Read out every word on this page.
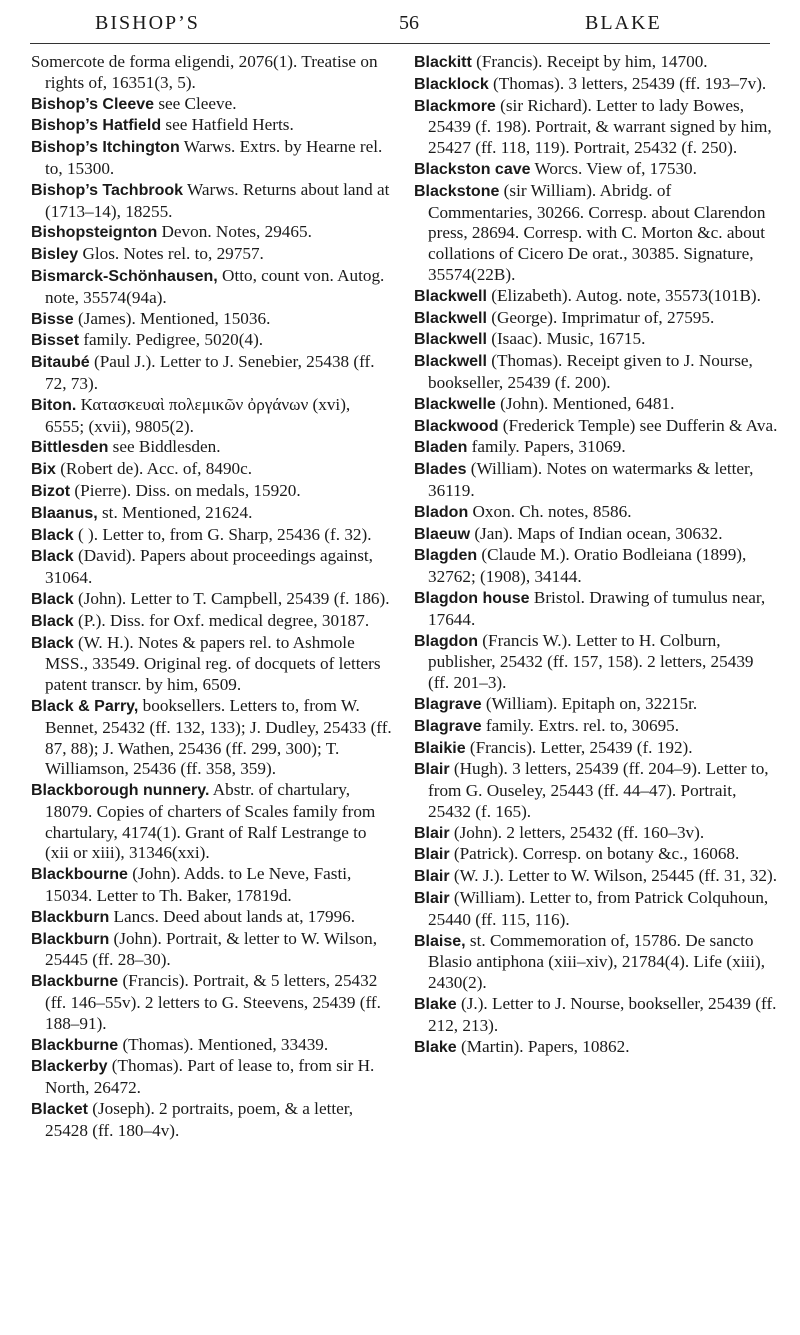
BISHOP’S	56	BLAKE

Somercote de forma eligendi, 2076(1). Treatise on rights of, 16351(3, 5).

Bishop’s Cleeve see Cleeve.

Bishop’s Hatfield see Hatfield Herts.

Bishop’s Itchington Warws. Extrs. by Hearne rel. to, 15300.

Bishop’s Tachbrook Warws. Returns about land at (1713–14), 18255.

Bishopsteignton Devon. Notes, 29465.

Bisley Glos. Notes rel. to, 29757.

Bismarck-Schönhausen, Otto, count von. Autog. note, 35574(94a).

Bisse (James). Mentioned, 15036.

Bisset family. Pedigree, 5020(4).

Bitaubé (Paul J.). Letter to J. Senebier, 25438 (ff. 72, 73).

Biton. Κατασκευαὶ πολεμικῶν ὀργάνων (xvi), 6555; (xvii), 9805(2).

Bittlesden see Biddlesden.

Bix (Robert de). Acc. of, 8490c.

Bizot (Pierre). Diss. on medals, 15920.

Blaanus, st. Mentioned, 21624.

Black ( ). Letter to, from G. Sharp, 25436 (f. 32).

Black (David). Papers about proceedings against, 31064.

Black (John). Letter to T. Campbell, 25439 (f. 186).

Black (P.). Diss. for Oxf. medical degree, 30187.

Black (W. H.). Notes & papers rel. to Ashmole MSS., 33549. Original reg. of docquets of letters patent transcr. by him, 6509.

Black & Parry, booksellers. Letters to, from W. Bennet, 25432 (ff. 132, 133); J. Dudley, 25433 (ff. 87, 88); J. Wathen, 25436 (ff. 299, 300); T. Williamson, 25436 (ff. 358, 359).

Blackborough nunnery. Abstr. of chartulary, 18079. Copies of charters of Scales family from chartulary, 4174(1). Grant of Ralf Lestrange to (xii or xiii), 31346(xxi).

Blackbourne (John). Adds. to Le Neve, Fasti, 15034. Letter to Th. Baker, 17819d.

Blackburn Lancs. Deed about lands at, 17996.

Blackburn (John). Portrait, & letter to W. Wilson, 25445 (ff. 28–30).

Blackburne (Francis). Portrait, & 5 letters, 25432 (ff. 146–55v). 2 letters to G. Steevens, 25439 (ff. 188–91).

Blackburne (Thomas). Mentioned, 33439.

Blackerby (Thomas). Part of lease to, from sir H. North, 26472.

Blacket (Joseph). 2 portraits, poem, & a letter, 25428 (ff. 180–4v).

Blackitt (Francis). Receipt by him, 14700.

Blacklock (Thomas). 3 letters, 25439 (ff. 193–7v).

Blackmore (sir Richard). Letter to lady Bowes, 25439 (f. 198). Portrait, & warrant signed by him, 25427 (ff. 118, 119). Portrait, 25432 (f. 250).

Blackston cave Worcs. View of, 17530.

Blackstone (sir William). Abridg. of Commentaries, 30266. Corresp. about Clarendon press, 28694. Corresp. with C. Morton &c. about collations of Cicero De orat., 30385. Signature, 35574(22B).

Blackwell (Elizabeth). Autog. note, 35573(101B).

Blackwell (George). Imprimatur of, 27595.

Blackwell (Isaac). Music, 16715.

Blackwell (Thomas). Receipt given to J. Nourse, bookseller, 25439 (f. 200).

Blackwelle (John). Mentioned, 6481.

Blackwood (Frederick Temple) see Dufferin & Ava.

Bladen family. Papers, 31069.

Blades (William). Notes on watermarks & letter, 36119.

Bladon Oxon. Ch. notes, 8586.

Blaeuw (Jan). Maps of Indian ocean, 30632.

Blagden (Claude M.). Oratio Bodleiana (1899), 32762; (1908), 34144.

Blagdon house Bristol. Drawing of tumulus near, 17644.

Blagdon (Francis W.). Letter to H. Colburn, publisher, 25432 (ff. 157, 158). 2 letters, 25439 (ff. 201–3).

Blagrave (William). Epitaph on, 32215r.

Blagrave family. Extrs. rel. to, 30695.

Blaikie (Francis). Letter, 25439 (f. 192).

Blair (Hugh). 3 letters, 25439 (ff. 204–9). Letter to, from G. Ouseley, 25443 (ff. 44–47). Portrait, 25432 (f. 165).

Blair (John). 2 letters, 25432 (ff. 160–3v).

Blair (Patrick). Corresp. on botany &c., 16068.

Blair (W. J.). Letter to W. Wilson, 25445 (ff. 31, 32).

Blair (William). Letter to, from Patrick Colquhoun, 25440 (ff. 115, 116).

Blaise, st. Commemoration of, 15786. De sancto Blasio antiphona (xiii–xiv), 21784(4). Life (xiii), 2430(2).

Blake (J.). Letter to J. Nourse, bookseller, 25439 (ff. 212, 213).

Blake (Martin). Papers, 10862.
